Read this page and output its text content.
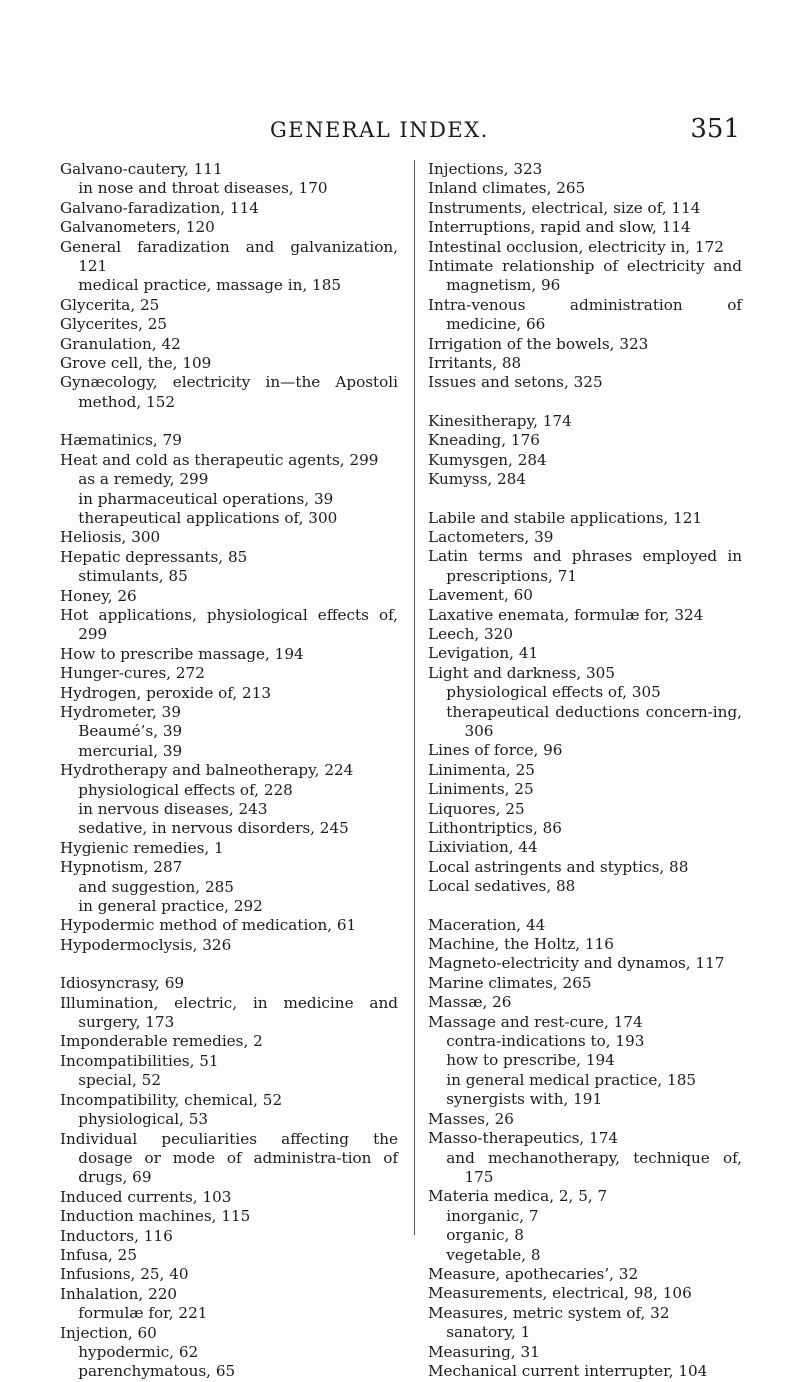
GENERAL INDEX.	351

Galvano-cautery, 111

in nose and throat diseases, 170

Galvano-faradization, 114

Galvanometers, 120

General faradization and galvanization, 121

medical practice, massage in, 185

Glycerita, 25

Glycerites, 25

Granulation, 42

Grove cell, the, 109

Gynæcology, electricity in—the Apostoli method, 152

Hæmatinics, 79

Heat and cold as therapeutic agents, 299

as a remedy, 299

in pharmaceutical operations, 39

therapeutical applications of, 300

Heliosis, 300

Hepatic depressants, 85

stimulants, 85

Honey, 26

Hot applications, physiological effects of, 299

How to prescribe massage, 194

Hunger-cures, 272

Hydrogen, peroxide of, 213

Hydrometer, 39

Beaumé’s, 39

mercurial, 39

Hydrotherapy and balneotherapy, 224

physiological effects of, 228

in nervous diseases, 243

sedative, in nervous disorders, 245

Hygienic remedies, 1

Hypnotism, 287

and suggestion, 285

in general practice, 292

Hypodermic method of medication, 61

Hypodermoclysis, 326

Idiosyncrasy, 69

Illumination, electric, in medicine and surgery, 173

Imponderable remedies, 2

Incompatibilities, 51

special, 52

Incompatibility, chemical, 52

physiological, 53

Individual peculiarities affecting the dosage or mode of administra-tion of drugs, 69

Induced currents, 103

Induction machines, 115

Inductors, 116

Infusa, 25

Infusions, 25, 40

Inhalation, 220

formulæ for, 221

Injection, 60

hypodermic, 62

parenchymatous, 65

Injections, 323

Inland climates, 265

Instruments, electrical, size of, 114

Interruptions, rapid and slow, 114

Intestinal occlusion, electricity in, 172

Intimate relationship of electricity and magnetism, 96

Intra-venous administration of medicine, 66

Irrigation of the bowels, 323

Irritants, 88

Issues and setons, 325

Kinesitherapy, 174

Kneading, 176

Kumysgen, 284

Kumyss, 284

Labile and stabile applications, 121

Lactometers, 39

Latin terms and phrases employed in prescriptions, 71

Lavement, 60

Laxative enemata, formulæ for, 324

Leech, 320

Levigation, 41

Light and darkness, 305

physiological effects of, 305

therapeutical deductions concern-ing, 306

Lines of force, 96

Linimenta, 25

Liniments, 25

Liquores, 25

Lithontriptics, 86

Lixiviation, 44

Local astringents and styptics, 88

Local sedatives, 88

Maceration, 44

Machine, the Holtz, 116

Magneto-electricity and dynamos, 117

Marine climates, 265

Massæ, 26

Massage and rest-cure, 174

contra-indications to, 193

how to prescribe, 194

in general medical practice, 185

synergists with, 191

Masses, 26

Masso-therapeutics, 174

and mechanotherapy, technique of, 175

Materia medica, 2, 5, 7

inorganic, 7

organic, 8

vegetable, 8

Measure, apothecaries’, 32

Measurements, electrical, 98, 106

Measures, metric system of, 32

sanatory, 1

Measuring, 31

Mechanical current interrupter, 104
